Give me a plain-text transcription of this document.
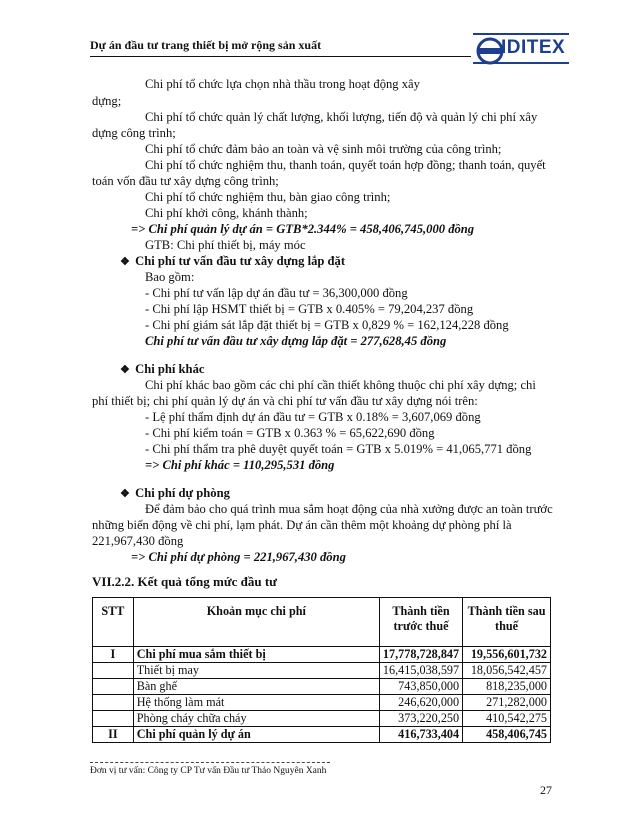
Dự án đầu tư trang thiết bị mở rộng sản xuất	IDITEX
Chi phí tổ chức lựa chọn nhà thầu trong hoạt động xây
dựng;
Chi phí tổ chức quản lý chất lượng, khối lượng, tiến độ và quản lý chi phí xây
dựng công trình;
Chi phí tổ chức đảm bảo an toàn và vệ sinh môi trường của công trình;
Chi phí tổ chức nghiệm thu, thanh toán, quyết toán hợp đồng; thanh toán, quyết
toán vốn đầu tư xây dựng công trình;
Chi phí tổ chức nghiệm thu, bàn giao công trình;
Chi phí khởi công, khánh thành;
=> Chi phí quản lý dự án = GTB*2.344% = 458,406,745,000 đồng
GTB: Chi phí thiết bị, máy móc
❖ Chi phí tư vấn đầu tư xây dựng lắp đặt
Bao gồm:
- Chi phí tư vấn lập dự án đầu tư = 36,300,000 đồng
- Chi phí lập HSMT thiết bị = GTB x 0.405% = 79,204,237 đồng
- Chi phí giám sát lắp đặt thiết bị = GTB x 0,829 % = 162,124,228 đồng
Chi phí tư vấn đầu tư xây dựng lắp đặt = 277,628,45 đồng
❖ Chi phí khác
Chi phí khác bao gồm các chi phí cần thiết không thuộc chi phí xây dựng; chi
phí thiết bị; chi phí quản lý dự án và chi phí tư vấn đầu tư xây dựng nói trên:
- Lệ phí thẩm định dự án đầu tư = GTB x 0.18% = 3,607,069 đồng
- Chi phí kiểm toán = GTB x 0.363 % = 65,622,690 đồng
- Chi phí thẩm tra phê duyệt quyết toán = GTB x 5.019% = 41,065,771 đồng
=> Chi phí khác = 110,295,531 đồng
❖ Chi phí dự phòng
Để đảm bảo cho quá trình mua sắm hoạt động của nhà xưởng được an toàn trước
những biến động về chi phí, lạm phát. Dự án cần thêm một khoảng dự phòng phí là
221,967,430 đồng
=> Chi phí dự phòng = 221,967,430 đồng
VII.2.2. Kết quả tổng mức đầu tư
STT	Khoản mục chi phí	Thành tiền trước thuế	Thành tiền sau thuế
I	Chi phí mua sắm thiết bị	17,778,728,847	19,556,601,732
	Thiết bị may	16,415,038,597	18,056,542,457
	Bàn ghế	743,850,000	818,235,000
	Hệ thống làm mát	246,620,000	271,282,000
	Phòng cháy chữa cháy	373,220,250	410,542,275
II	Chi phí quản lý dự án	416,733,404	458,406,745
Đơn vị tư vấn: Công ty CP Tư vấn Đầu tư Thảo Nguyên Xanh
27
